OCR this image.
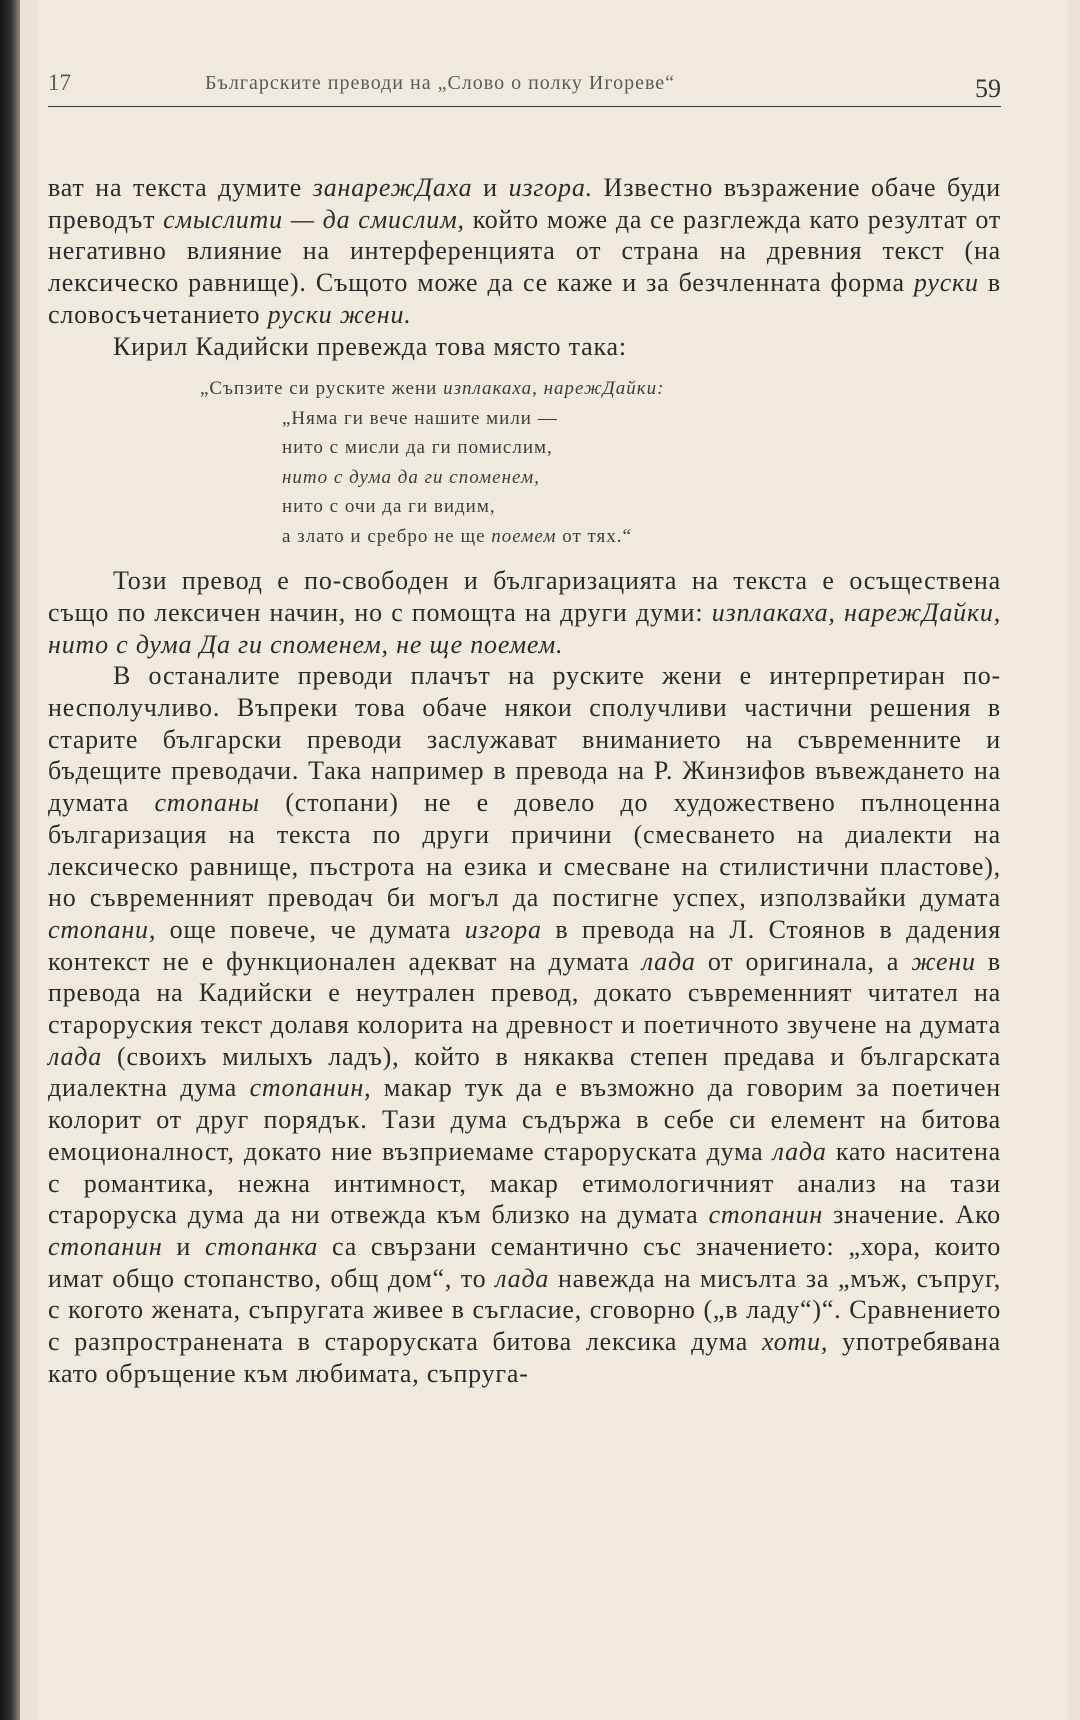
17	Българските преводи на „Слово о полку Игореве“	59

ват на текста думите занарежДаха и изгора. Известно възражение обаче буди преводът смыслити — да смислим, който може да се разглежда като резултат от негативно влияние на интерференцията от страна на древния текст (на лексическо равнище). Същото може да се каже и за безчленната форма руски в словосъчетанието руски жени.

Кирил Кадийски превежда това място така:

„Съпзите си руските жени изплакаха, нарежДайки:
„Няма ги вече нашите мили —
нито с мисли да ги помислим,
нито с дума да ги споменем,
нито с очи да ги видим,
а злато и сребро не ще поемем от тях.“

Този превод е по-свободен и българизацията на текста е осъществена също по лексичен начин, но с помощта на други думи: изплакаха, нарежДайки, нито с дума Да ги споменем, не ще поемем.

В останалите преводи плачът на руските жени е интерпретиран по-несполучливо. Въпреки това обаче някои сполучливи частични решения в старите български преводи заслужават вниманието на съвременните и бъдещите преводачи. Така например в превода на Р. Жинзифов въвеждането на думата стопаны (стопани) не е довело до художествено пълноценна българизация на текста по други причини (смесването на диалекти на лексическо равнище, пъстрота на езика и смесване на стилистични пластове), но съвременният преводач би могъл да постигне успех, използвайки думата стопани, още повече, че думата изгора в превода на Л. Стоянов в дадения контекст не е функционален адекват на думата лада от оригинала, а жени в превода на Кадийски е неутрален превод, докато съвременният читател на староруския текст долавя колорита на древност и поетичното звучене на думата лада (своихъ милыхъ ладъ), който в някаква степен предава и българската диалектна дума стопанин, макар тук да е възможно да говорим за поетичен колорит от друг порядък. Тази дума съдържа в себе си елемент на битова емоционалност, докато ние възприемаме староруската дума лада като наситена с романтика, нежна интимност, макар етимологичният анализ на тази староруска дума да ни отвежда към близко на думата стопанин значение. Ако стопанин и стопанка са свързани семантично със значението: „хора, които имат общо стопанство, общ дом“, то лада навежда на мисълта за „мъж, съпруг, с когото жената, съпругата живее в съгласие, сговорно („в ладу“)“. Сравнението с разпространената в староруската битова лексика дума хоти, употребявана като обръщение към любимата, съпруга-
